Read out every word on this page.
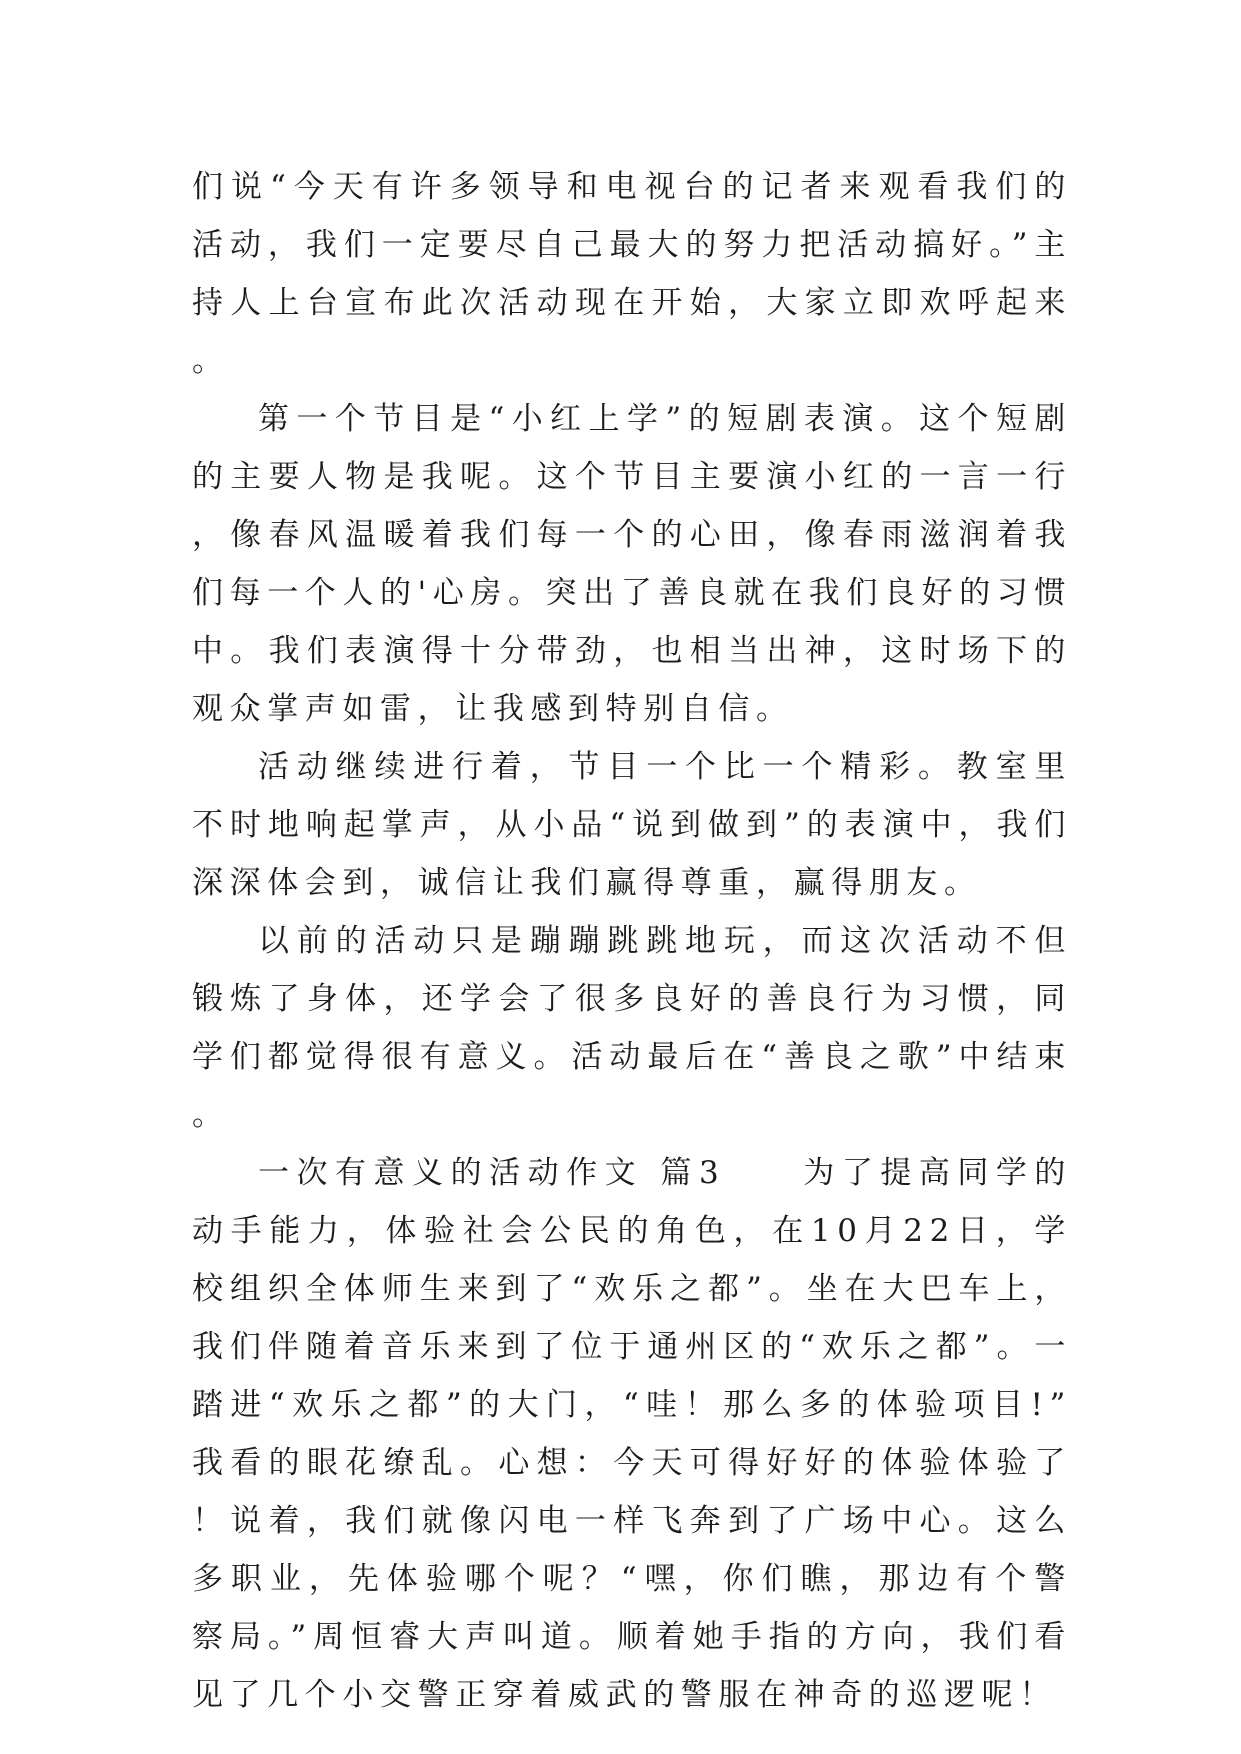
们说“今天有许多领导和电视台的记者来观看我们的活动，我们一定要尽自己最大的努力把活动搞好。”主持人上台宣布此次活动现在开始，大家立即欢呼起来。

第一个节目是“小红上学”的短剧表演。这个短剧的主要人物是我呢。这个节目主要演小红的一言一行，像春风温暖着我们每一个的心田，像春雨滋润着我们每一个人的'心房。突出了善良就在我们良好的习惯中。我们表演得十分带劲，也相当出神，这时场下的观众掌声如雷，让我感到特别自信。

活动继续进行着，节目一个比一个精彩。教室里不时地响起掌声，从小品“说到做到”的表演中，我们深深体会到，诚信让我们赢得尊重，赢得朋友。

以前的活动只是蹦蹦跳跳地玩，而这次活动不但锻炼了身体，还学会了很多良好的善良行为习惯，同学们都觉得很有意义。活动最后在“善良之歌”中结束。

一次有意义的活动作文 篇3　　为了提高同学的动手能力，体验社会公民的角色，在10月22日，学校组织全体师生来到了“欢乐之都”。坐在大巴车上，我们伴随着音乐来到了位于通州区的“欢乐之都”。一踏进“欢乐之都”的大门，“哇！那么多的体验项目!”我看的眼花缭乱。心想：今天可得好好的体验体验了！说着，我们就像闪电一样飞奔到了广场中心。这么多职业，先体验哪个呢？“嘿，你们瞧，那边有个警察局。”周恒睿大声叫道。顺着她手指的方向，我们看见了几个小交警正穿着威武的警服在神奇的巡逻呢！
